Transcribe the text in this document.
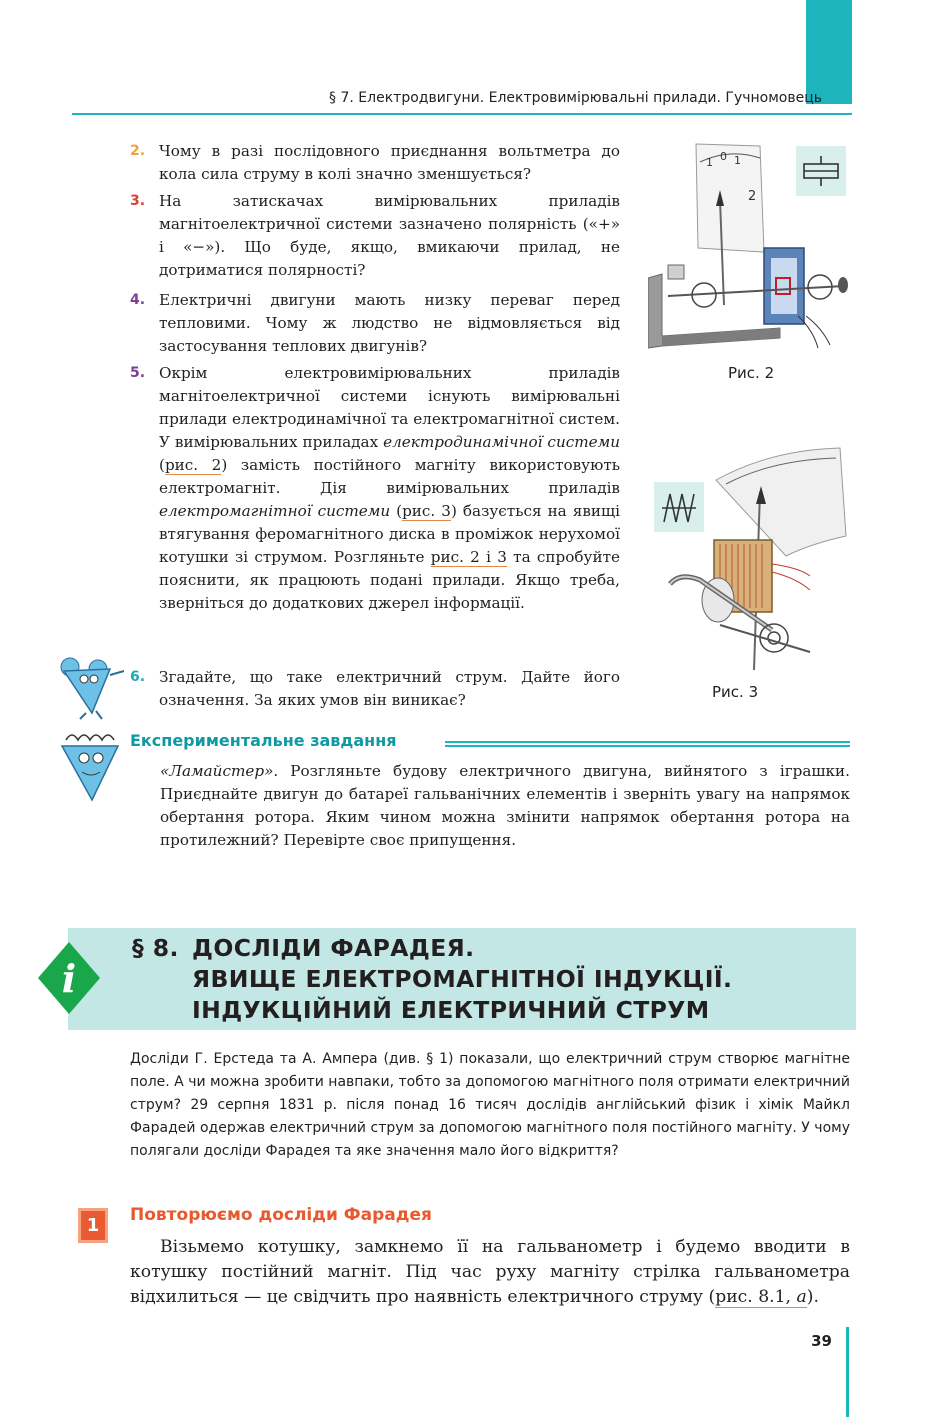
§ 7. Електродвигуни. Електровимірювальні прилади. Гучномовець
2. Чому в разі послідовного приєднання вольтметра до кола сила струму в колі значно зменшується?
3. На затискачах вимірювальних приладів магнітоелектричної системи зазначено полярність («+» і «−»). Що буде, якщо, вмикаючи прилад, не дотриматися полярності?
4. Електричні двигуни мають низку переваг перед тепловими. Чому ж людство не відмовляється від застосування теплових двигунів?
5. Окрім електровимірювальних приладів магнітоелектричної системи існують вимірювальні прилади електродинамічної та електромагнітної систем. У вимірювальних приладах електродинамічної системи (рис. 2) замість постійного магніту використовують електромагніт. Дія вимірювальних приладів електромагнітної системи (рис. 3) базується на явищі втягування феромагнітного диска в проміжок нерухомої котушки зі струмом. Розгляньте рис. 2 і 3 та спробуйте пояснити, як працюють подані прилади. Якщо треба, зверніться до додаткових джерел інформації.
6. Згадайте, що таке електричний струм. Дайте його означення. За яких умов він виникає?
1 0 1
2
Рис. 2
Рис. 3
Експериментальне завдання
«Ламайстер». Розгляньте будову електричного двигуна, вийнятого з іграшки. Приєднайте двигун до батареї гальванічних елементів і зверніть увагу на напрямок обертання ротора. Яким чином можна змінити напрямок обертання ротора на протилежний? Перевірте своє припущення.
i
§ 8. ДОСЛІДИ ФАРАДЕЯ.
ЯВИЩЕ ЕЛЕКТРОМАГНІТНОЇ ІНДУКЦІЇ.
ІНДУКЦІЙНИЙ ЕЛЕКТРИЧНИЙ СТРУМ
Досліди Г. Ерстеда та А. Ампера (див. § 1) показали, що електричний струм створює магнітне поле. А чи можна зробити навпаки, тобто за допомогою магнітного поля отримати електричний струм? 29 серпня 1831 р. після понад 16 тисяч дослідів англійський фізик і хімік Майкл Фарадей одержав електричний струм за допомогою магнітного поля постійного магніту. У чому полягали досліди Фарадея та яке значення мало його відкриття?
1	Повторюємо досліди Фарадея
Візьмемо котушку, замкнемо її на гальванометр і будемо вводити в котушку постійний магніт. Під час руху магніту стрілка гальванометра відхилиться — це свідчить про наявність електричного струму (рис. 8.1, а).
39
